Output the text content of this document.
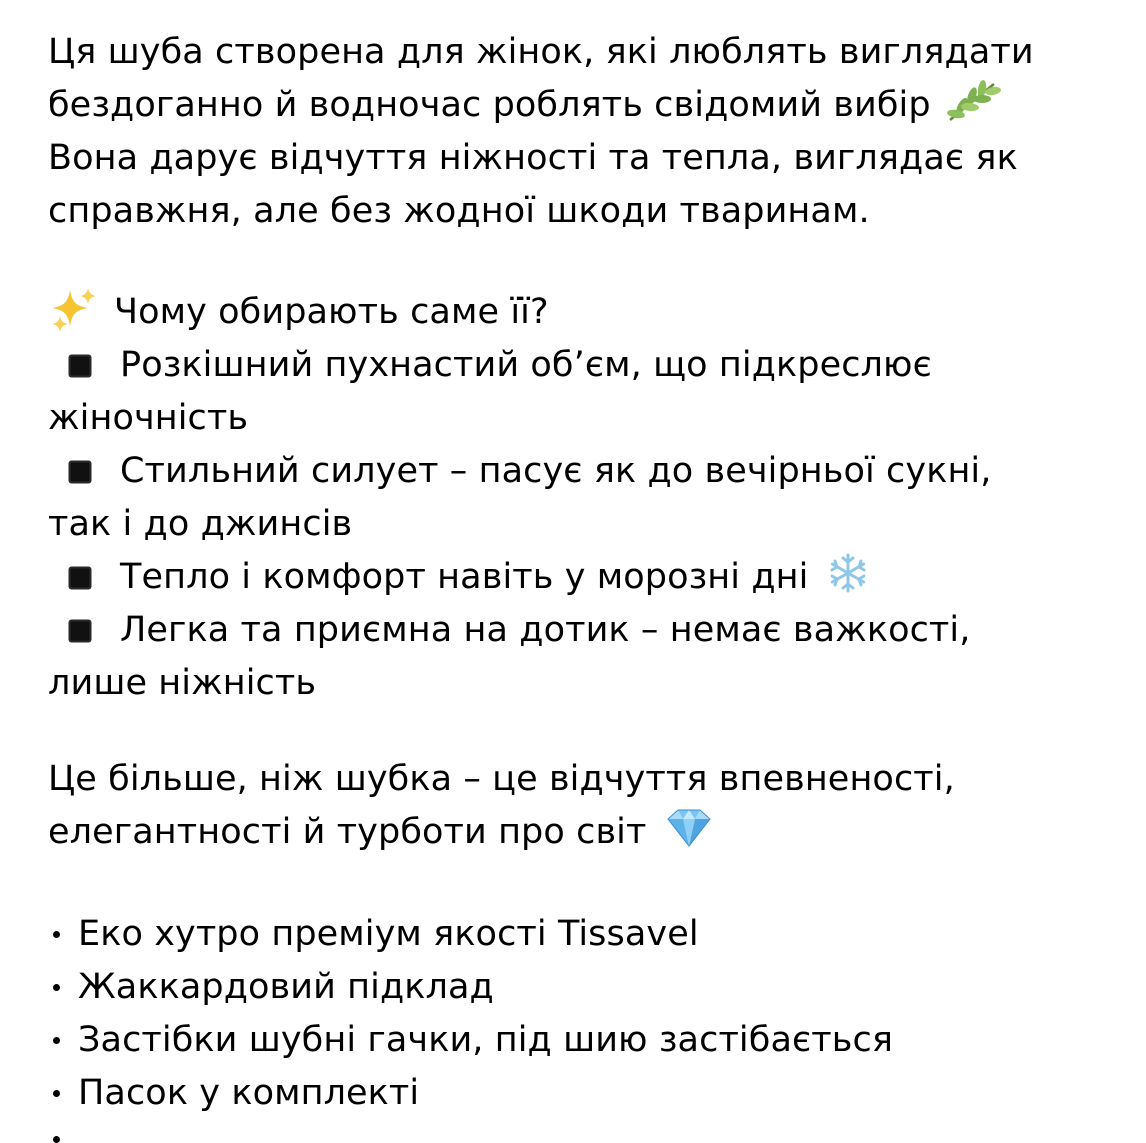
Ця шуба створена для жінок, які люблять виглядати
бездоганно й водночас роблять свідомий вибір
Вона дарує відчуття ніжності та тепла, виглядає як
справжня, але без жодної шкоди тваринам.
Чому обирають саме її?
Розкішний пухнастий об’єм, що підкреслює
жіночність
Стильний силует – пасує як до вечірньої сукні,
так і до джинсів
Тепло і комфорт навіть у морозні дні

Легка та приємна на дотик – немає важкості,
лише ніжність
Це більше, ніж шубка – це відчуття впевненості,
елегантності й турботи про світ
Еко хутро преміум якості Tissavel
Жаккардовий підклад
Застібки шубні гачки, під шию застібається
Пасок у комплекті
